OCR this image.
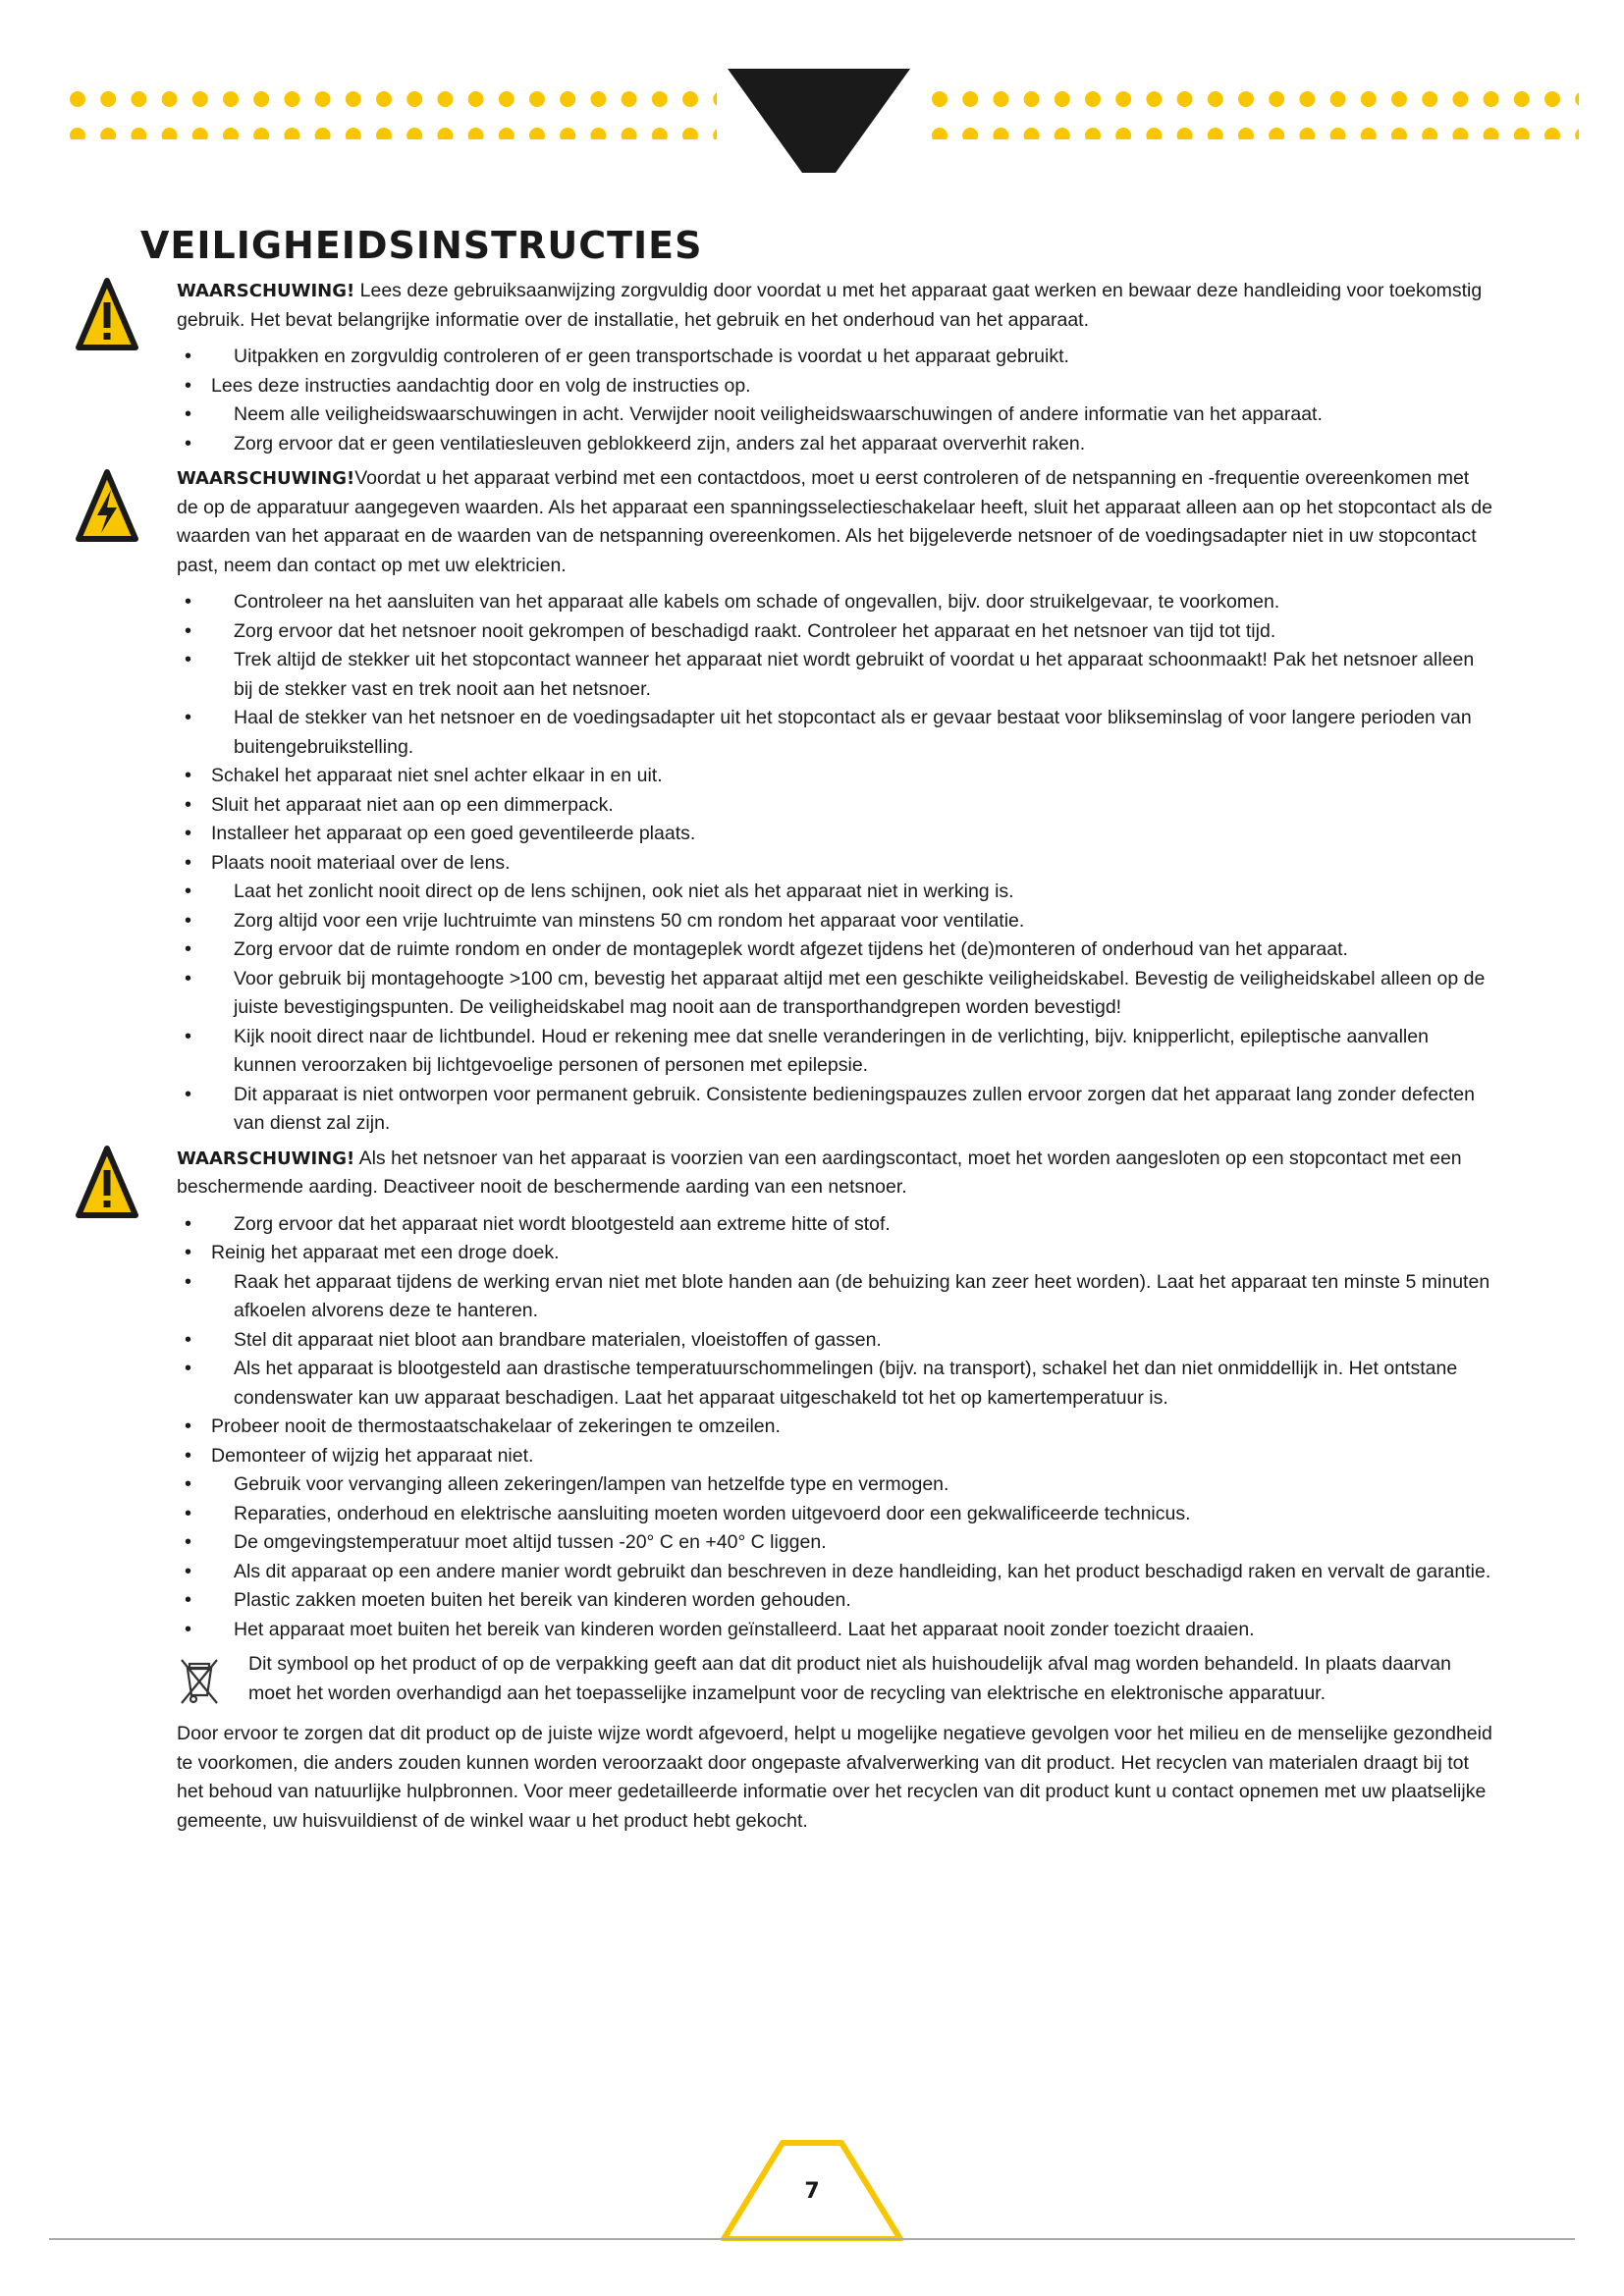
VEILIGHEIDSINSTRUCTIES
WAARSCHUWING! Lees deze gebruiksaanwijzing zorgvuldig door voordat u met het apparaat gaat werken en bewaar deze handleiding voor toekomstig gebruik. Het bevat belangrijke informatie over de installatie, het gebruik en het onderhoud van het apparaat.
• Uitpakken en zorgvuldig controleren of er geen transportschade is voordat u het apparaat gebruikt.
• Lees deze instructies aandachtig door en volg de instructies op.
• Neem alle veiligheidswaarschuwingen in acht. Verwijder nooit veiligheidswaarschuwingen of andere informatie van het apparaat.
• Zorg ervoor dat er geen ventilatiesleuven geblokkeerd zijn, anders zal het apparaat oververhit raken.
WAARSCHUWING!Voordat u het apparaat verbind met een contactdoos, moet u eerst controleren of de netspanning en -frequentie overeenkomen met de op de apparatuur aangegeven waarden. Als het apparaat een spanningsselectieschakelaar heeft, sluit het apparaat alleen aan op het stopcontact als de waarden van het apparaat en de waarden van de netspanning overeenkomen. Als het bijgeleverde netsnoer of de voedingsadapter niet in uw stopcontact past, neem dan contact op met uw elektricien.
• Controleer na het aansluiten van het apparaat alle kabels om schade of ongevallen, bijv. door struikelgevaar, te voorkomen.
• Zorg ervoor dat het netsnoer nooit gekrompen of beschadigd raakt. Controleer het apparaat en het netsnoer van tijd tot tijd.
• Trek altijd de stekker uit het stopcontact wanneer het apparaat niet wordt gebruikt of voordat u het apparaat schoonmaakt! Pak het netsnoer alleen bij de stekker vast en trek nooit aan het netsnoer.
• Haal de stekker van het netsnoer en de voedingsadapter uit het stopcontact als er gevaar bestaat voor blikseminslag of voor langere perioden van buitengebruikstelling.
• Schakel het apparaat niet snel achter elkaar in en uit.
• Sluit het apparaat niet aan op een dimmerpack.
• Installeer het apparaat op een goed geventileerde plaats.
• Plaats nooit materiaal over de lens.
• Laat het zonlicht nooit direct op de lens schijnen, ook niet als het apparaat niet in werking is.
• Zorg altijd voor een vrije luchtruimte van minstens 50 cm rondom het apparaat voor ventilatie.
• Zorg ervoor dat de ruimte rondom en onder de montageplek wordt afgezet tijdens het (de)monteren of onderhoud van het apparaat.
• Voor gebruik bij montagehoogte >100 cm, bevestig het apparaat altijd met een geschikte veiligheidskabel. Bevestig de veiligheidskabel alleen op de juiste bevestigingspunten. De veiligheidskabel mag nooit aan de transporthandgrepen worden bevestigd!
• Kijk nooit direct naar de lichtbundel. Houd er rekening mee dat snelle veranderingen in de verlichting, bijv. knipperlicht, epileptische aanvallen kunnen veroorzaken bij lichtgevoelige personen of personen met epilepsie.
• Dit apparaat is niet ontworpen voor permanent gebruik. Consistente bedieningspauzes zullen ervoor zorgen dat het apparaat lang zonder defecten van dienst zal zijn.
WAARSCHUWING! Als het netsnoer van het apparaat is voorzien van een aardingscontact, moet het worden aangesloten op een stopcontact met een beschermende aarding. Deactiveer nooit de beschermende aarding van een netsnoer.
• Zorg ervoor dat het apparaat niet wordt blootgesteld aan extreme hitte of stof.
• Reinig het apparaat met een droge doek.
• Raak het apparaat tijdens de werking ervan niet met blote handen aan (de behuizing kan zeer heet worden). Laat het apparaat ten minste 5 minuten afkoelen alvorens deze te hanteren.
• Stel dit apparaat niet bloot aan brandbare materialen, vloeistoffen of gassen.
• Als het apparaat is blootgesteld aan drastische temperatuurschommelingen (bijv. na transport), schakel het dan niet onmiddellijk in. Het ontstane condenswater kan uw apparaat beschadigen. Laat het apparaat uitgeschakeld tot het op kamertemperatuur is.
• Probeer nooit de thermostaatschakelaar of zekeringen te omzeilen.
• Demonteer of wijzig het apparaat niet.
• Gebruik voor vervanging alleen zekeringen/lampen van hetzelfde type en vermogen.
• Reparaties, onderhoud en elektrische aansluiting moeten worden uitgevoerd door een gekwalificeerde technicus.
• De omgevingstemperatuur moet altijd tussen -20° C en +40° C liggen.
• Als dit apparaat op een andere manier wordt gebruikt dan beschreven in deze handleiding, kan het product beschadigd raken en vervalt de garantie.
• Plastic zakken moeten buiten het bereik van kinderen worden gehouden.
• Het apparaat moet buiten het bereik van kinderen worden geïnstalleerd. Laat het apparaat nooit zonder toezicht draaien.
Dit symbool op het product of op de verpakking geeft aan dat dit product niet als huishoudelijk afval mag worden behandeld. In plaats daarvan moet het worden overhandigd aan het toepasselijke inzamelpunt voor de recycling van elektrische en elektronische apparatuur.

Door ervoor te zorgen dat dit product op de juiste wijze wordt afgevoerd, helpt u mogelijke negatieve gevolgen voor het milieu en de menselijke gezondheid te voorkomen, die anders zouden kunnen worden veroorzaakt door ongepaste afvalverwerking van dit product. Het recyclen van materialen draagt bij tot het behoud van natuurlijke hulpbronnen. Voor meer gedetailleerde informatie over het recyclen van dit product kunt u contact opnemen met uw plaatselijke gemeente, uw huisvuildienst of de winkel waar u het product hebt gekocht.

7
